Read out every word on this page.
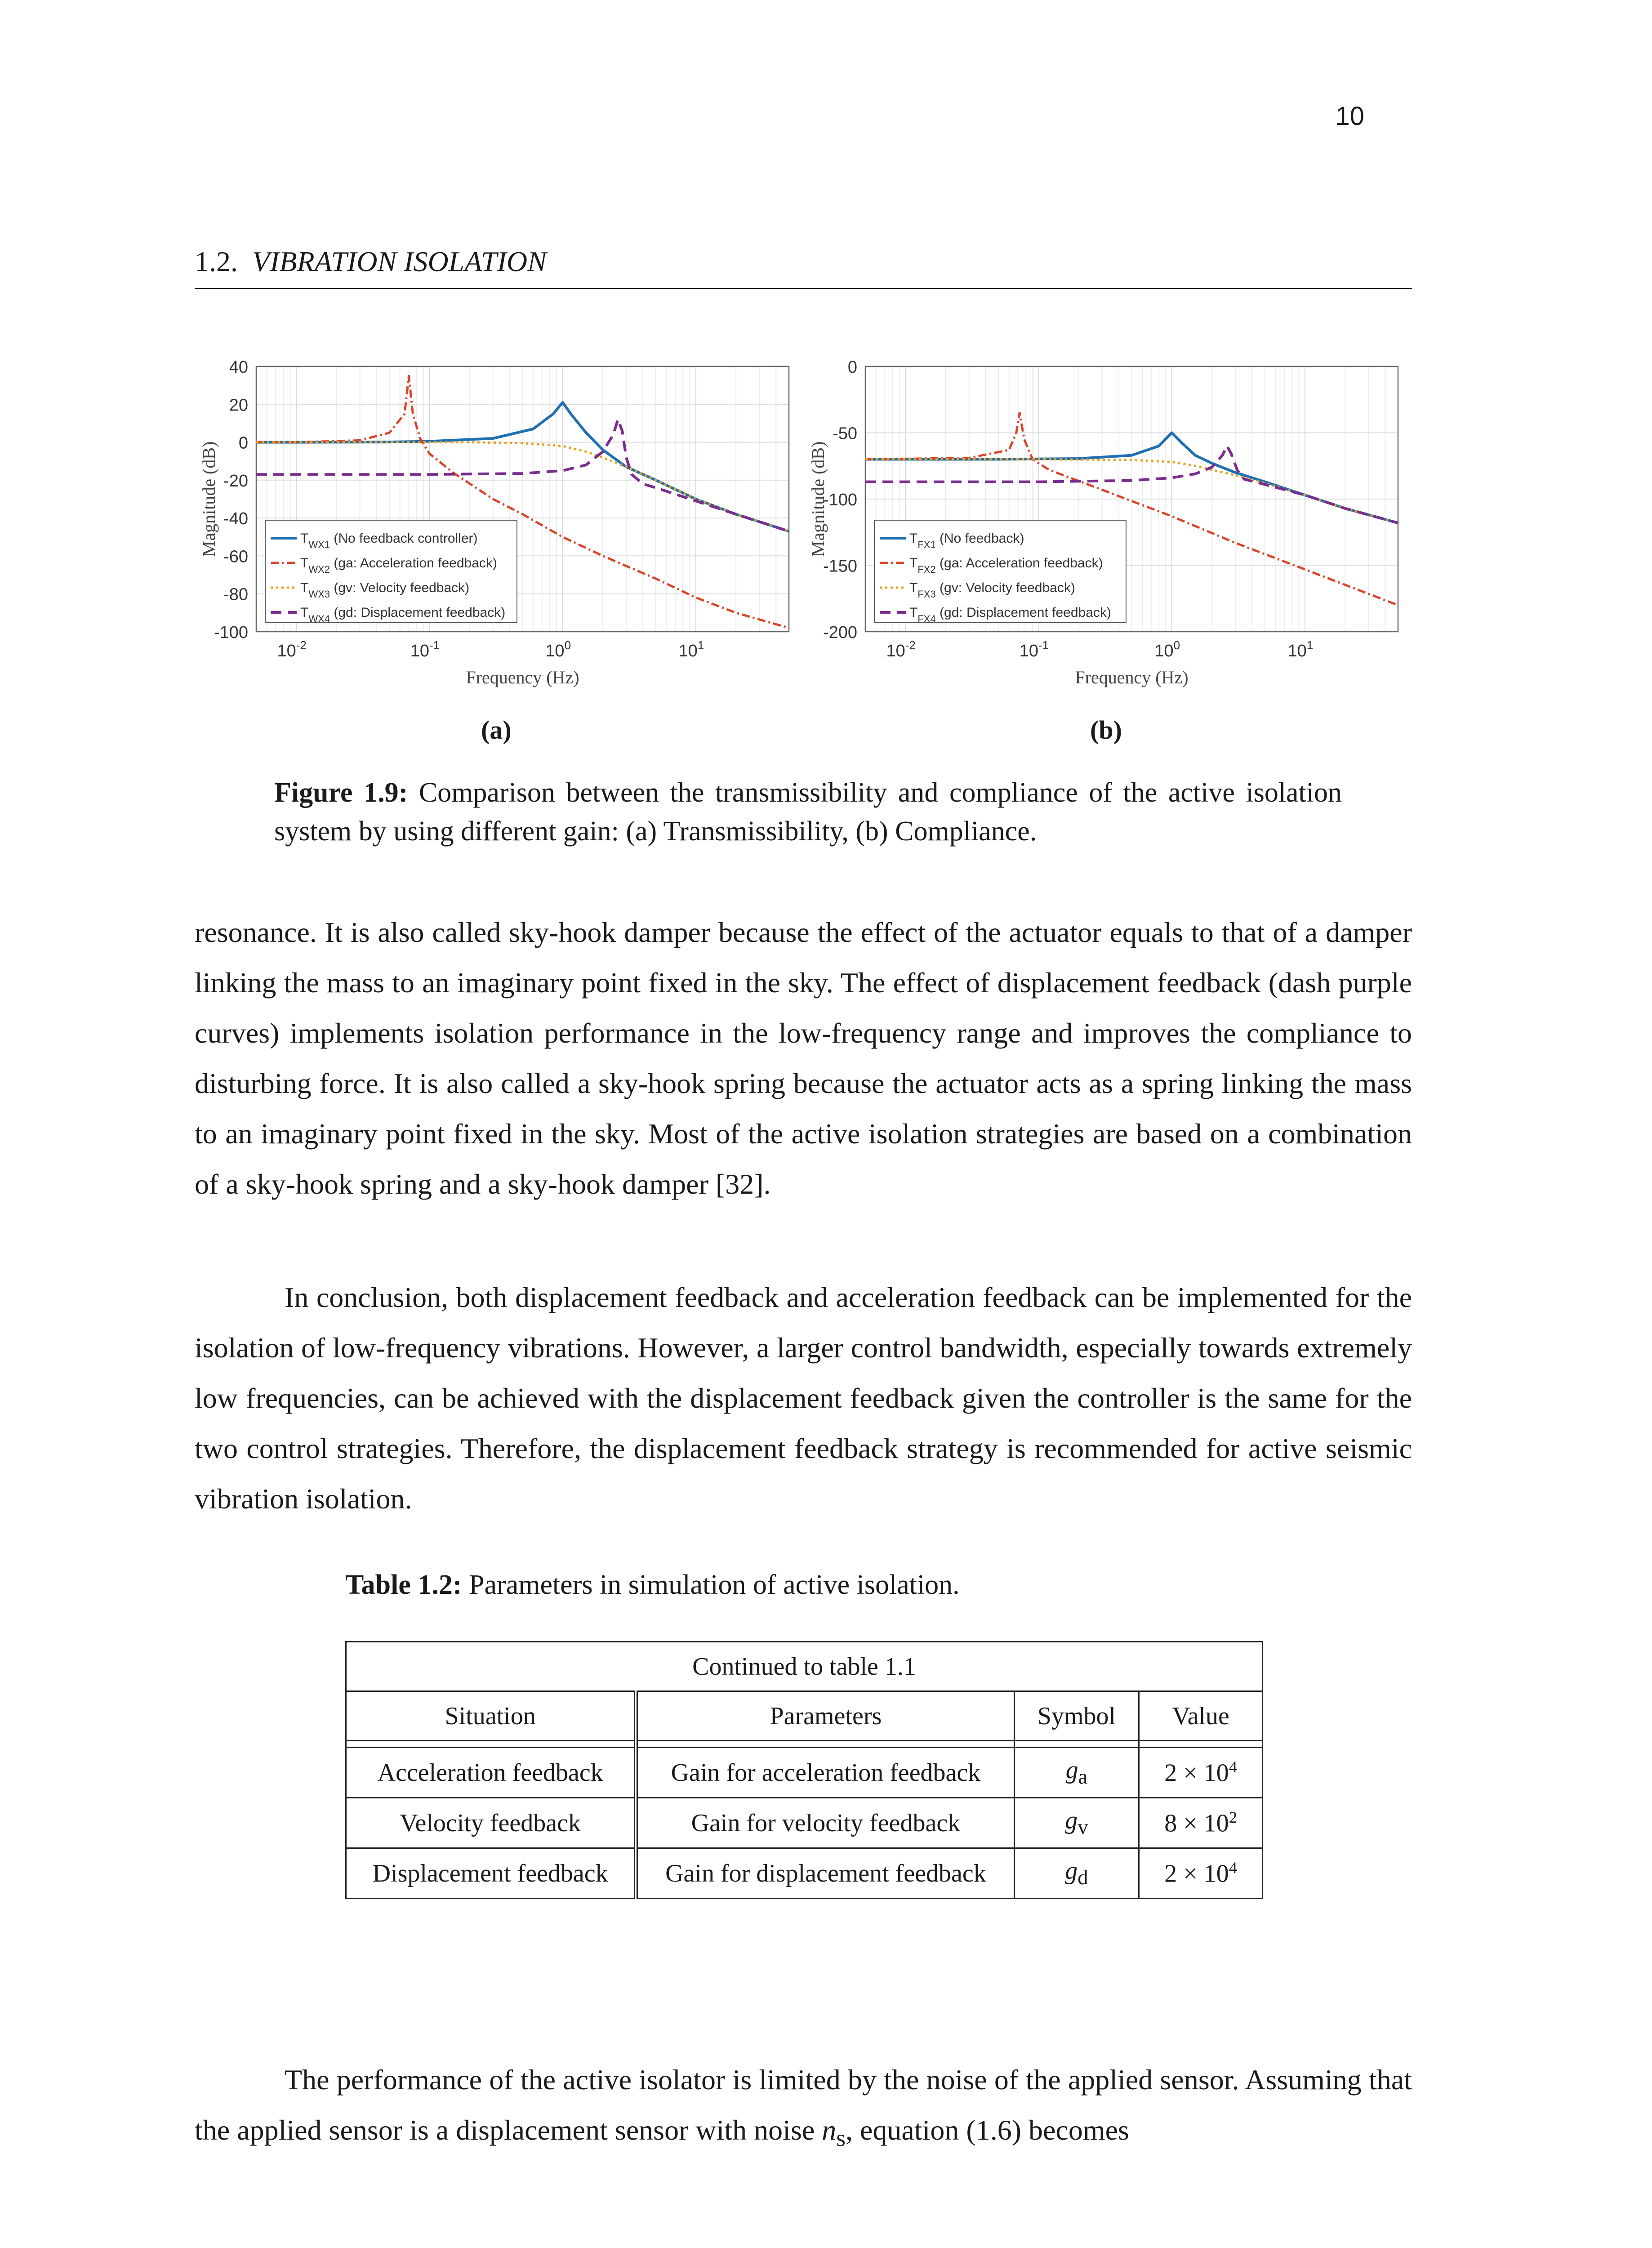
10
1.2. VIBRATION ISOLATION
40
20
0
-20
-40
-60
-80
-100
$10^{-2}$	$10^{-1}$	$10^0$	$10^1$
Frequency (Hz)
Magnitude (dB)	$T_{WX1}$ (No feedback controller)
$T_{WX2}$ (ga: Acceleration feedback)
$T_{WX3}$ (gv: Velocity feedback)
$T_{WX4}$ (gd: Displacement feedback)
0
-50
-100
-150
-200
$10^{-2}$	$10^{-1}$	$10^0$	$10^1$
Frequency (Hz)
Magnitude (dB)	$T_{FX1}$ (No feedback)
$T_{FX2}$ (ga: Acceleration feedback)
$T_{FX3}$ (gv: Velocity feedback)
$T_{FX4}$ (gd: Displacement feedback)
(a)	(b)
Figure 1.9: Comparison between the transmissibility and compliance of the active isolation system by using different gain: (a) Transmissibility, (b) Compliance.

resonance. It is also called sky-hook damper because the effect of the actuator equals to that of a damper linking the mass to an imaginary point fixed in the sky. The effect of displacement feedback (dash purple curves) implements isolation performance in the low-frequency range and improves the compliance to disturbing force. It is also called a sky-hook spring because the actuator acts as a spring linking the mass to an imaginary point fixed in the sky. Most of the active isolation strategies are based on a combination of a sky-hook spring and a sky-hook damper [32].

In conclusion, both displacement feedback and acceleration feedback can be implemented for the isolation of low-frequency vibrations. However, a larger control bandwidth, especially towards extremely low frequencies, can be achieved with the displacement feedback given the controller is the same for the two control strategies. Therefore, the displacement feedback strategy is recommended for active seismic vibration isolation.

Table 1.2: Parameters in simulation of active isolation.
Continued to table 1.1			
Situation	Parameters	Symbol	Value

Acceleration feedback	Gain for acceleration feedback	$g_a$	$2 \times 10^4$
Velocity feedback	Gain for velocity feedback	$g_v$	$8 \times 10^2$
Displacement feedback	Gain for displacement feedback	$g_d$	$2 \times 10^4$

The performance of the active isolator is limited by the noise of the applied sensor. Assuming that the applied sensor is a displacement sensor with noise $n_s$, equation (1.6) becomes
